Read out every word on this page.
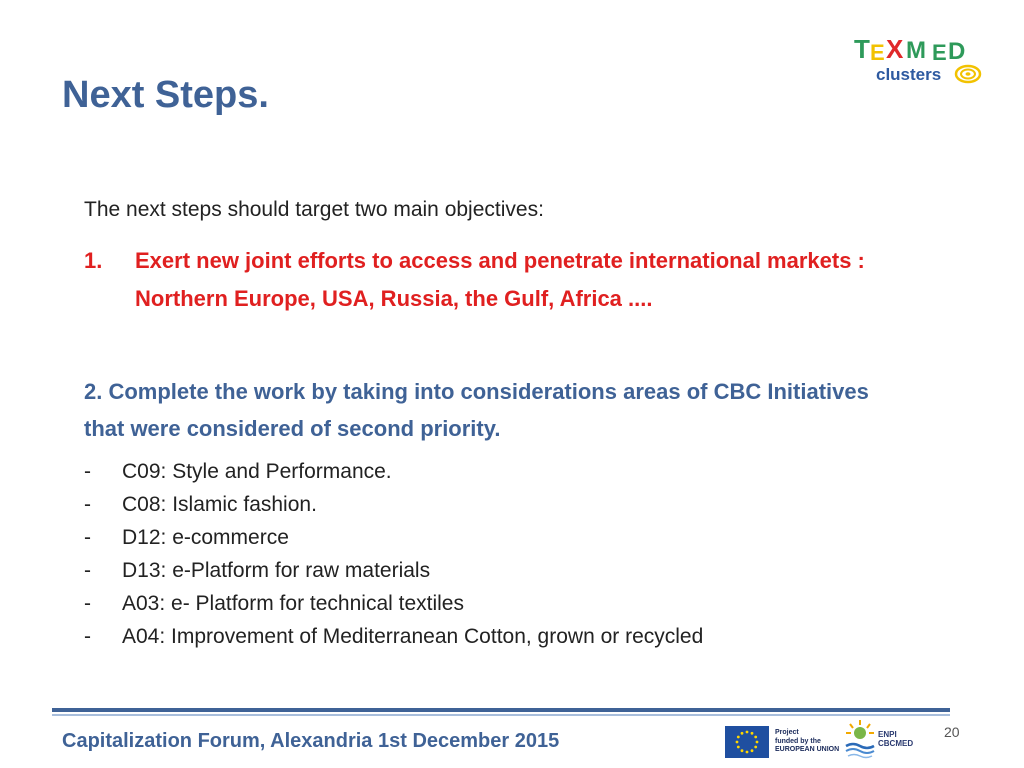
Next Steps.
T E X M E D
clusters
The next steps should target two main objectives:
1. Exert new joint efforts to access and penetrate international markets : Northern Europe, USA, Russia, the Gulf, Africa ....
2. Complete the work by taking into considerations areas of CBC Initiatives that were considered of second priority.
- C09: Style and Performance.
- C08: Islamic fashion.
- D12: e-commerce
- D13: e-Platform for raw materials
- A03: e- Platform for technical textiles
- A04: Improvement of Mediterranean Cotton, grown or recycled
Capitalization Forum, Alexandria 1st December 2015	Project
funded by the
EUROPEAN UNION
ENPI
CBCMED
20
